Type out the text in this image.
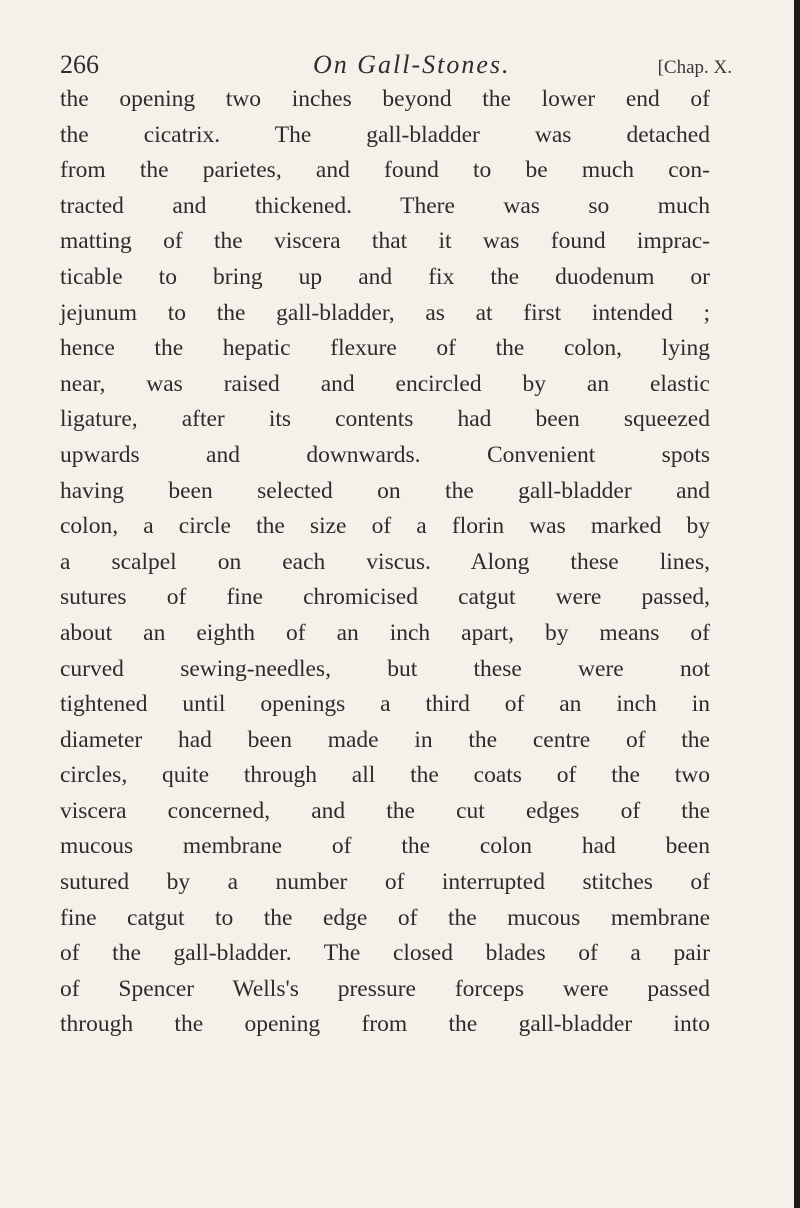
266	On Gall-Stones.	[Chap. X.
the opening two inches beyond the lower end of
the cicatrix. The gall-bladder was detached
from the parietes, and found to be much con-
tracted and thickened. There was so much
matting of the viscera that it was found imprac-
ticable to bring up and fix the duodenum or
jejunum to the gall-bladder, as at first intended ;
hence the hepatic flexure of the colon, lying
near, was raised and encircled by an elastic
ligature, after its contents had been squeezed
upwards and downwards. Convenient spots
having been selected on the gall-bladder and
colon, a circle the size of a florin was marked by
a scalpel on each viscus. Along these lines,
sutures of fine chromicised catgut were passed,
about an eighth of an inch apart, by means of
curved sewing-needles, but these were not
tightened until openings a third of an inch in
diameter had been made in the centre of the
circles, quite through all the coats of the two
viscera concerned, and the cut edges of the
mucous membrane of the colon had been
sutured by a number of interrupted stitches of
fine catgut to the edge of the mucous membrane
of the gall-bladder. The closed blades of a pair
of Spencer Wells's pressure forceps were passed
through the opening from the gall-bladder into
